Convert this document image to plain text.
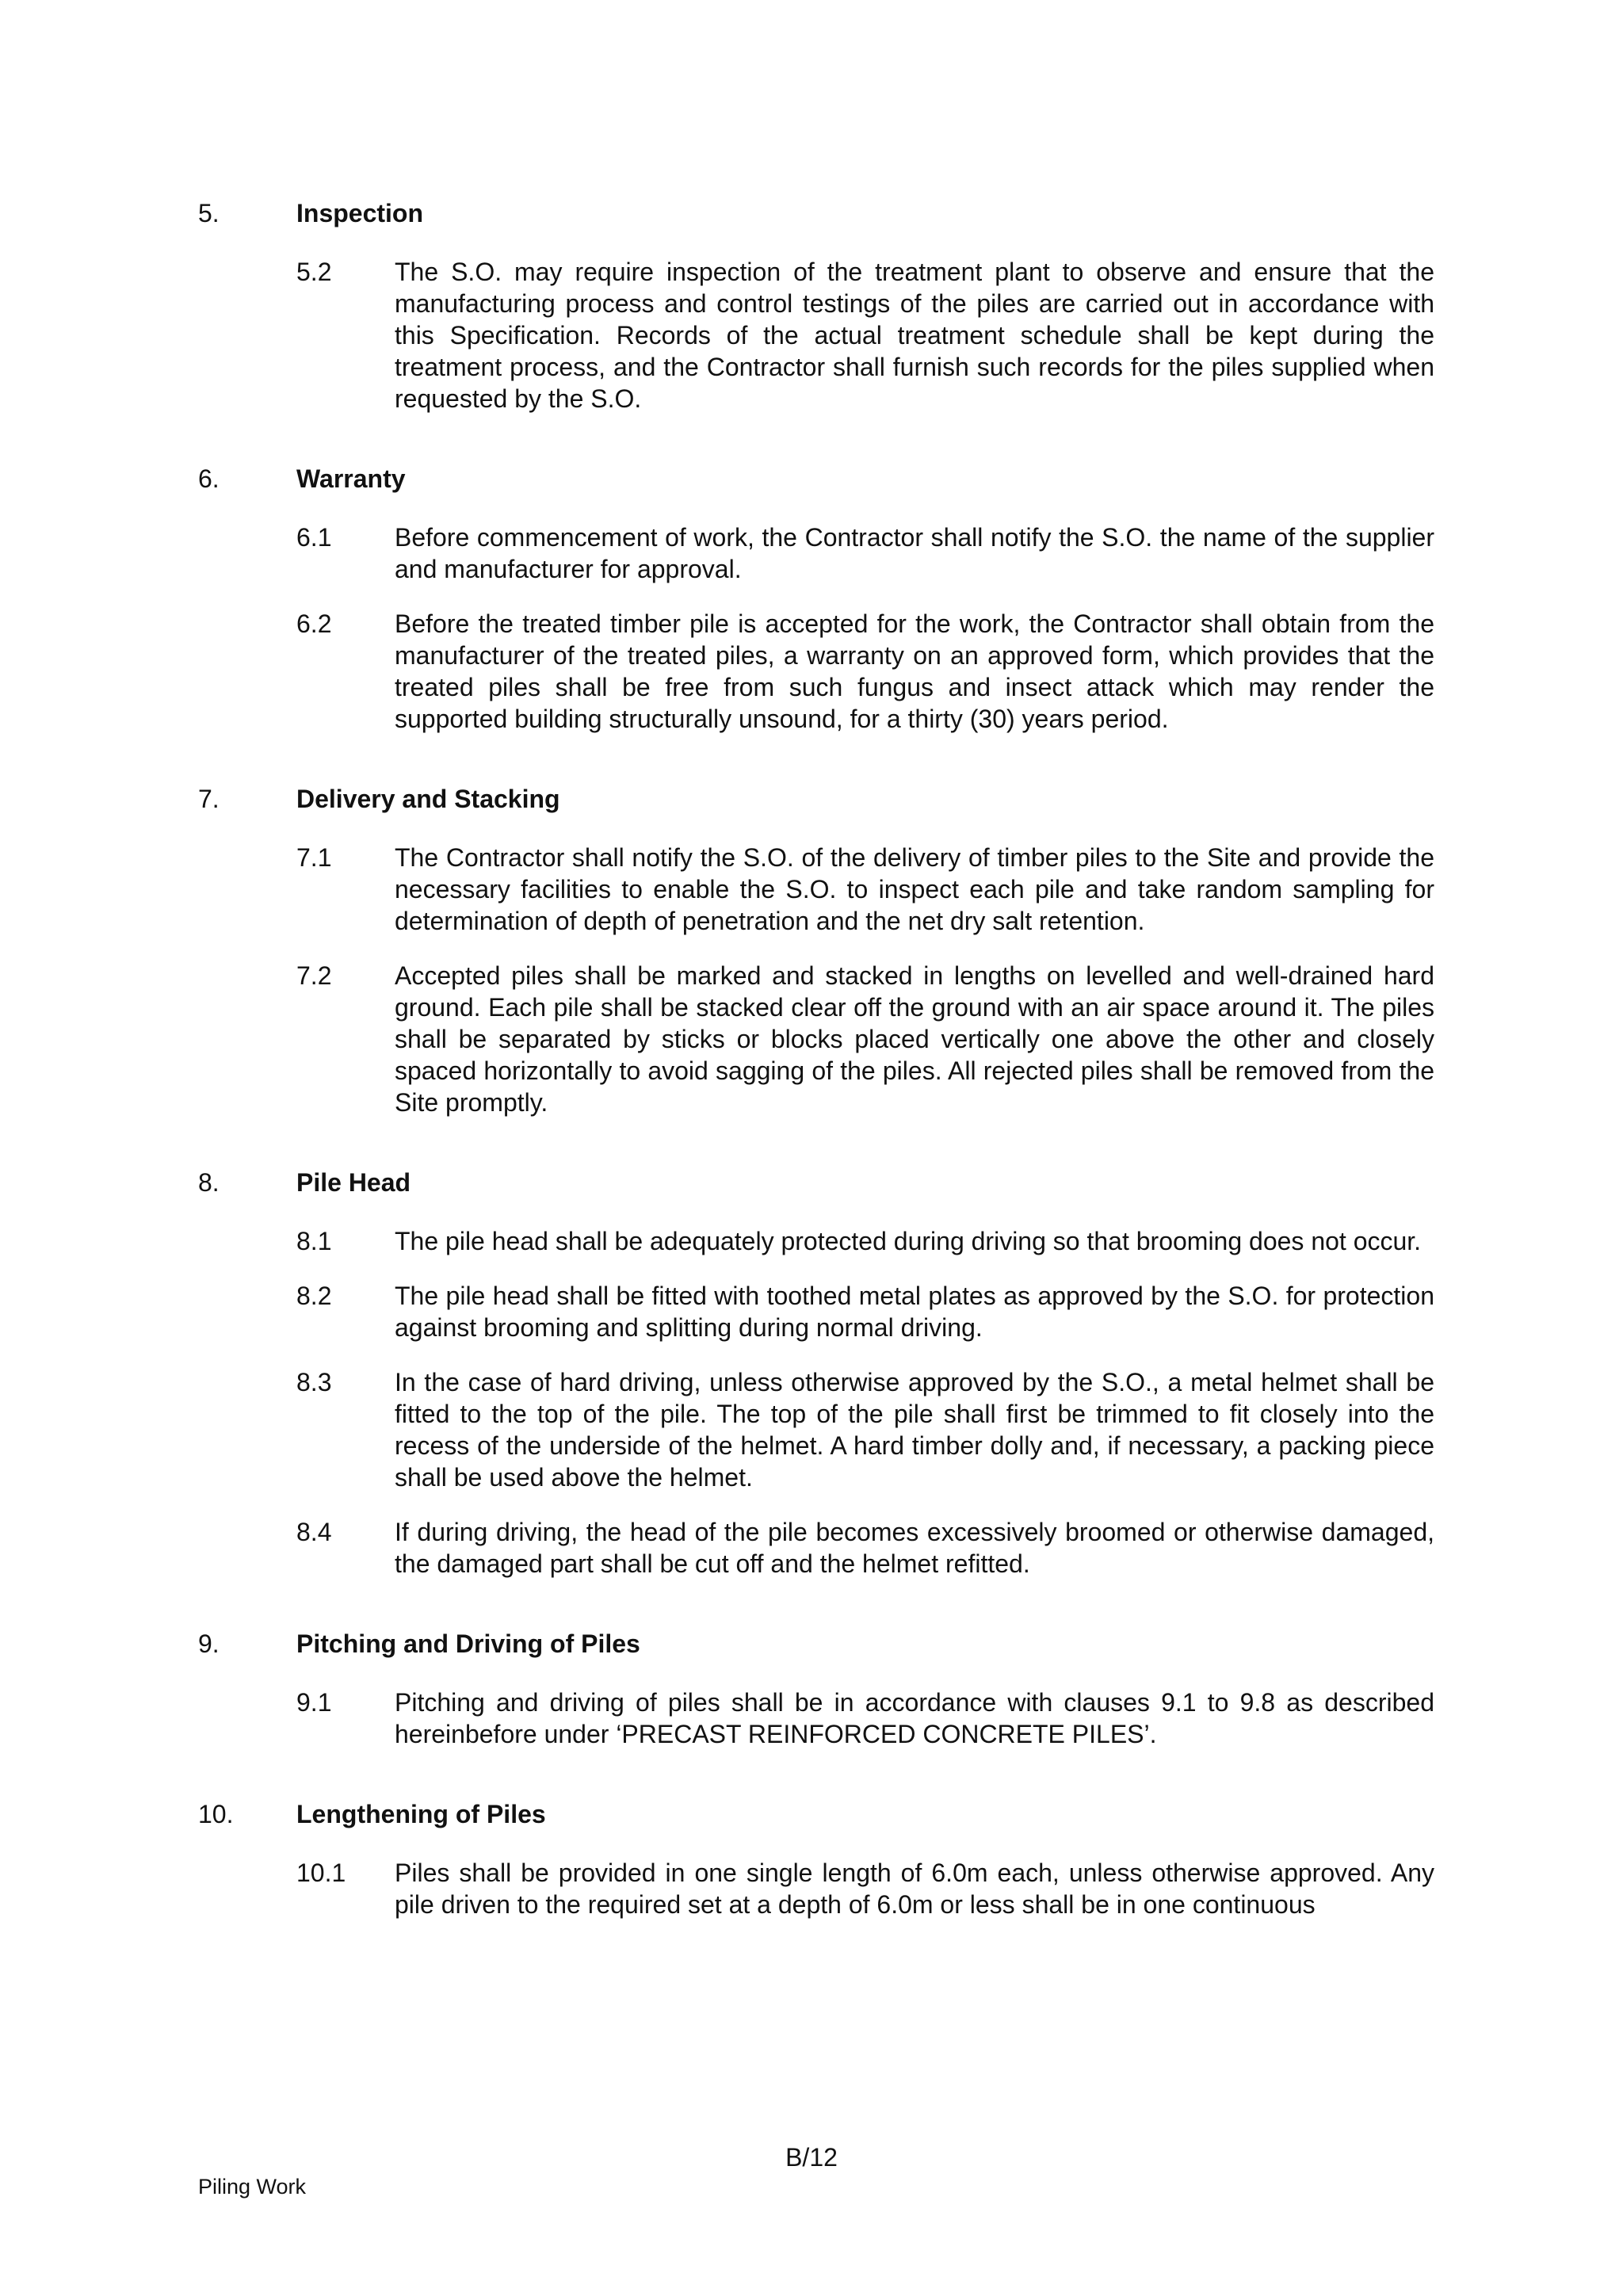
5.	Inspection
5.2 The S.O. may require inspection of the treatment plant to observe and ensure that the manufacturing process and control testings of the piles are carried out in accordance with this Specification. Records of the actual treatment schedule shall be kept during the treatment process, and the Contractor shall furnish such records for the piles supplied when requested by the S.O.

6.	Warranty
6.1 Before commencement of work, the Contractor shall notify the S.O. the name of the supplier and manufacturer for approval.

6.2 Before the treated timber pile is accepted for the work, the Contractor shall obtain from the manufacturer of the treated piles, a warranty on an approved form, which provides that the treated piles shall be free from such fungus and insect attack which may render the supported building structurally unsound, for a thirty (30) years period.

7.	Delivery and Stacking
7.1 The Contractor shall notify the S.O. of the delivery of timber piles to the Site and provide the necessary facilities to enable the S.O. to inspect each pile and take random sampling for determination of depth of penetration and the net dry salt retention.

7.2 Accepted piles shall be marked and stacked in lengths on levelled and well-drained hard ground. Each pile shall be stacked clear off the ground with an air space around it. The piles shall be separated by sticks or blocks placed vertically one above the other and closely spaced horizontally to avoid sagging of the piles. All rejected piles shall be removed from the Site promptly.

8.	Pile Head
8.1 The pile head shall be adequately protected during driving so that brooming does not occur.

8.2 The pile head shall be fitted with toothed metal plates as approved by the S.O. for protection against brooming and splitting during normal driving.

8.3 In the case of hard driving, unless otherwise approved by the S.O., a metal helmet shall be fitted to the top of the pile. The top of the pile shall first be trimmed to fit closely into the recess of the underside of the helmet. A hard timber dolly and, if necessary, a packing piece shall be used above the helmet.

8.4 If during driving, the head of the pile becomes excessively broomed or otherwise damaged, the damaged part shall be cut off and the helmet refitted.

9.	Pitching and Driving of Piles
9.1 Pitching and driving of piles shall be in accordance with clauses 9.1 to 9.8 as described hereinbefore under ‘PRECAST REINFORCED CONCRETE PILES’.

10. Lengthening of Piles
10.1 Piles shall be provided in one single length of 6.0m each, unless otherwise approved. Any pile driven to the required set at a depth of 6.0m or less shall be in one continuous

B/12
Piling Work
